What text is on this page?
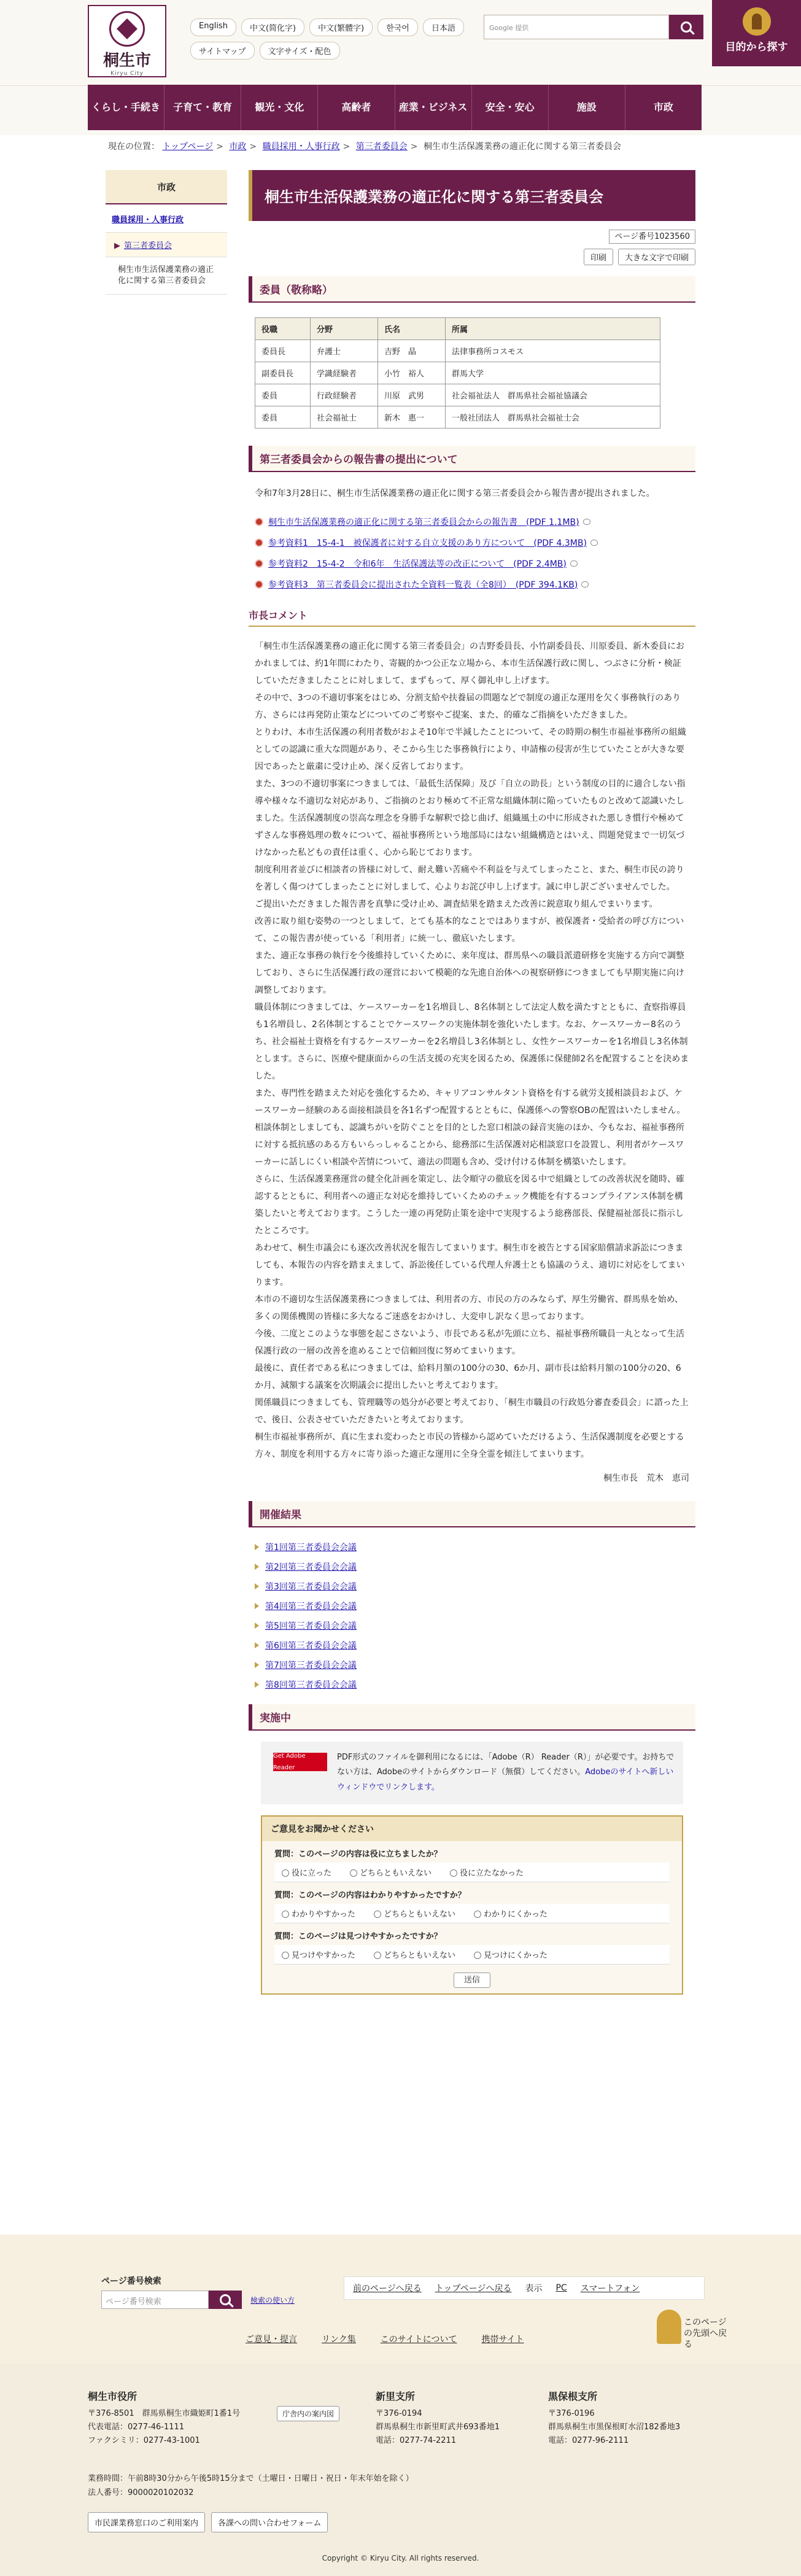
桐生市
Kiryu City
English	中文(简化字)	中文(繁體字)	한국어	日本語
サイトマップ	文字サイズ・配色
Google 提供
目的から探す
くらし・手続き	子育て・教育	観光・文化	高齢者	産業・ビジネス	安全・安心	施設	市政
現在の位置： トップページ > 市政 > 職員採用・人事行政 > 第三者委員会 > 桐生市生活保護業務の適正化に関する第三者委員会
市政
職員採用・人事行政
▶ 第三者委員会
桐生市生活保護業務の適正化に関する第三者委員会
桐生市生活保護業務の適正化に関する第三者委員会
ページ番号1023560
印刷	大きな文字で印刷
委員（敬称略）
役職	分野	氏名	所属
委員長	弁護士	吉野　晶	法律事務所コスモス
副委員長	学識経験者	小竹　裕人	群馬大学
委員	行政経験者	川原　武男	社会福祉法人　群馬県社会福祉協議会
委員	社会福祉士	新木　惠一	一般社団法人　群馬県社会福祉士会
第三者委員会からの報告書の提出について

令和7年3月28日に、桐生市生活保護業務の適正化に関する第三者委員会から報告書が提出されました。

桐生市生活保護業務の適正化に関する第三者委員会からの報告書　(PDF 1.1MB)
参考資料1　15-4-1　被保護者に対する自立支援のあり方について　(PDF 4.3MB)
参考資料2　15-4-2　令和6年　生活保護法等の改正について　(PDF 2.4MB)
参考資料3　第三者委員会に提出された全資料一覧表（全8回）　(PDF 394.1KB)
市長コメント

「桐生市生活保護業務の適正化に関する第三者委員会」の吉野委員長、小竹副委員長、川原委員、新木委員におかれましては、約1年間にわたり、寄観的かつ公正な立場から、本市生活保護行政に関し、つぶさに分析・検証していただきましたことに対しまして、まずもって、厚く御礼申し上げます。

その中で、3つの不適切事案をはじめ、分割支給や扶養届の問題などで制度の適正な運用を欠く事務執行のあり方、さらには再発防止策などについてのご考察やご提案、また、的確なご指摘をいただきました。

とりわけ、本市生活保護の利用者数がおよそ10年で半減したことについて、その時期の桐生市福祉事務所の組織としての認識に重大な問題があり、そこから生じた事務執行により、申請権の侵害が生じていたことが大きな要因であったと厳粛に受け止め、深く反省しております。

また、3つの不適切事案につきましては、「最低生活保障」及び「自立の助長」という制度の目的に適合しない指導や様々な不適切な対応があり、ご指摘のとおり極めて不正常な組織体制に陥っていたものと改めて認識いたしました。生活保護制度の崇高な理念を身勝手な解釈で捻じ曲げ、組織風土の中に形成された悪しき慣行や極めてずさんな事務処理の数々について、福祉事務所という地部局にはない組織構造とはいえ、問題発覚まで一切気づけなかった私どもの責任は重く、心から恥じております。

制度利用者並びに相談者の皆様に対して、耐え難い苦痛や不利益を与えてしまったこと、また、桐生市民の誇りを著しく傷つけてしまったことに対しまして、心よりお詫び申し上げます。誠に申し訳ございませんでした。

ご提出いただきました報告書を真摯に受け止め、調査結果を踏まえた改善に鋭意取り組んでまいります。

改善に取り組む姿勢の一つとしまして、とても基本的なことではありますが、被保護者・受給者の呼び方について、この報告書が使っている「利用者」に統一し、徹底いたします。

また、適正な事務の執行を今後維持していくために、来年度は、群馬県への職員派遣研修を実施する方向で調整しており、さらに生活保護行政の運営において模範的な先進自治体への視察研修につきましても早期実施に向け調整しております。

職員体制につきましては、ケースワーカーを1名増員し、8名体制として法定人数を満たすとともに、査察指導員も1名増員し、2名体制とすることでケースワークの実施体制を強化いたします。なお、ケースワーカー8名のうち、社会福祉士資格を有するケースワーカーを2名増員し3名体制とし、女性ケースワーカーを1名増員し3名体制とします。さらに、医療や健康面からの生活支援の充実を図るため、保護係に保健師2名を配置することを決めました。

また、専門性を踏まえた対応を強化するため、キャリアコンサルタント資格を有する就労支援相談員および、ケースワーカー経験のある面接相談員を各1名ずつ配置するとともに、保護係への警察OBの配置はいたしません。

相談体制としましても、認識ちがいを防ぐことを目的とした窓口相談の録音実施のほか、今もなお、福祉事務所に対する抵抗感のある方もいらっしゃることから、総務部に生活保護対応相談窓口を設置し、利用者がケースワーカーに話しにくい相談や苦情について、適法の問題も含め、受け付ける体制を構築いたします。

さらに、生活保護業務運営の健全化計画を策定し、法令順守の徹底を図る中で組織としての改善状況を随時、確認するとともに、利用者への適正な対応を維持していくためのチェック機能を有するコンプライアンス体制を構築したいと考えております。こうした一連の再発防止策を途中で実現するよう総務部長、保健福祉部長に指示したところです。

あわせて、桐生市議会にも逐次改善状況を報告してまいります。桐生市を被告とする国家賠償請求訴訟につきましても、本報告の内容を踏まえまして、訴訟後任している代理人弁護士とも協議のうえ、適切に対応をしてまいります。

本市の不適切な生活保護業務につきましては、利用者の方、市民の方のみならず、厚生労働省、群馬県を始め、多くの関係機関の皆様に多大なるご迷惑をおかけし、大変申し訳なく思っております。

今後、二度とこのような事態を起こさないよう、市長である私が先頭に立ち、福祉事務所職員一丸となって生活保護行政の一層の改善を進めることで信頼回復に努めてまいります。

最後に、責任者である私につきましては、給料月額の100分の30、6か月、副市長は給料月額の100分の20、6か月、減額する議案を次期議会に提出したいと考えております。

関係職員につきましても、管理職等の処分が必要と考えており、「桐生市職員の行政処分審査委員会」に諮った上で、後日、公表させていただきたいと考えております。

桐生市福祉事務所が、真に生まれ変わったと市民の皆様から認めていただけるよう、生活保護制度を必要とする方々、制度を利用する方々に寄り添った適正な運用に全身全霊を傾注してまいります。

桐生市長　荒木　恵司

開催結果
第1回第三者委員会会議
第2回第三者委員会会議
第3回第三者委員会会議
第4回第三者委員会会議
第5回第三者委員会会議
第6回第三者委員会会議
第7回第三者委員会会議
第8回第三者委員会会議
実施中
Get Adobe Reader
PDF形式のファイルを御利用になるには、「Adobe（R） Reader（R）」が必要です。お持ちでない方は、Adobeのサイトからダウンロード（無償）してください。Adobeのサイトへ新しいウィンドウでリンクします。
ご意見をお聞かせください
質問：このページの内容は役に立ちましたか？
役に立った	どちらともいえない	役に立たなかった
質問：このページの内容はわかりやすかったですか？
わかりやすかった	どちらともいえない	わかりにくかった
質問：このページは見つけやすかったですか？
見つけやすかった	どちらともいえない	見つけにくかった
送信
ページ番号検索
ページ番号検索	検索の使い方
前のページへ戻る トップページへ戻る 表示 PC スマートフォン
このページの先頭へ戻る
ご意見・提言	リンク集	このサイトについて	携帯サイト
桐生市役所
〒376-8501　群馬県桐生市織姫町1番1号
代表電話：0277-46-1111
ファクシミリ：0277-43-1001
庁舎内の案内図
新里支所
〒376-0194
群馬県桐生市新里町武井693番地1
電話：0277-74-2211
黒保根支所
〒376-0196
群馬県桐生市黒保根町水沼182番地3
電話：0277-96-2111
業務時間：午前8時30分から午後5時15分まで（土曜日・日曜日・祝日・年末年始を除く）
法人番号：9000020102032
市民課業務窓口のご利用案内	各課への問い合わせフォーム
Copyright © Kiryu City. All rights reserved.
